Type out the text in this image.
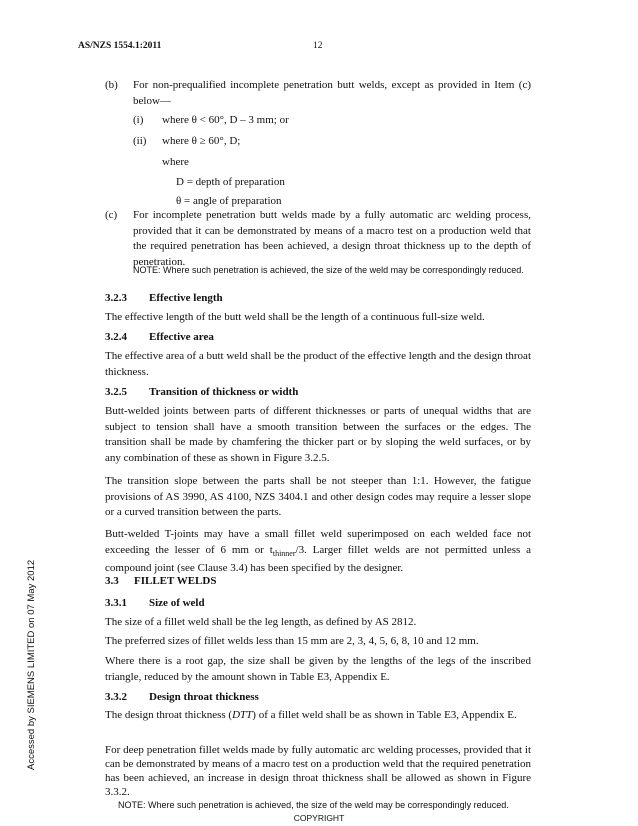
AS/NZS 1554.1:2011	12
(b) For non-prequalified incomplete penetration butt welds, except as provided in Item (c) below—

(i) where θ < 60°, D – 3 mm; or
(ii) where θ ≥ 60°, D;
where
D = depth of preparation
θ = angle of preparation
(c) For incomplete penetration butt welds made by a fully automatic arc welding process, provided that it can be demonstrated by means of a macro test on a production weld that the required penetration has been achieved, a design throat thickness up to the depth of penetration.

NOTE: Where such penetration is achieved, the size of the weld may be correspondingly reduced.

3.2.3 Effective length

The effective length of the butt weld shall be the length of a continuous full-size weld.

3.2.4 Effective area

The effective area of a butt weld shall be the product of the effective length and the design throat thickness.

3.2.5 Transition of thickness or width

Butt-welded joints between parts of different thicknesses or parts of unequal widths that are subject to tension shall have a smooth transition between the surfaces or the edges. The transition shall be made by chamfering the thicker part or by sloping the weld surfaces, or by any combination of these as shown in Figure 3.2.5.

The transition slope between the parts shall be not steeper than 1:1. However, the fatigue provisions of AS 3990, AS 4100, NZS 3404.1 and other design codes may require a lesser slope or a curved transition between the parts.

Butt-welded T-joints may have a small fillet weld superimposed on each welded face not exceeding the lesser of 6 mm or $t_{thinner}/3$. Larger fillet welds are not permitted unless a compound joint (see Clause 3.4) has been specified by the designer.

3.3 FILLET WELDS
3.3.1 Size of weld

The size of a fillet weld shall be the leg length, as defined by AS 2812.

The preferred sizes of fillet welds less than 15 mm are 2, 3, 4, 5, 6, 8, 10 and 12 mm.

Where there is a root gap, the size shall be given by the lengths of the legs of the inscribed triangle, reduced by the amount shown in Table E3, Appendix E.

3.3.2 Design throat thickness

The design throat thickness (DTT) of a fillet weld shall be as shown in Table E3, Appendix E.

For deep penetration fillet welds made by fully automatic arc welding processes, provided that it can be demonstrated by means of a macro test on a production weld that the required penetration has been achieved, an increase in design throat thickness shall be allowed as shown in Figure 3.3.2.

NOTE: Where such penetration is achieved, the size of the weld may be correspondingly reduced.

Accessed by SIEMENS LIMITED on 07 May 2012
COPYRIGHT
